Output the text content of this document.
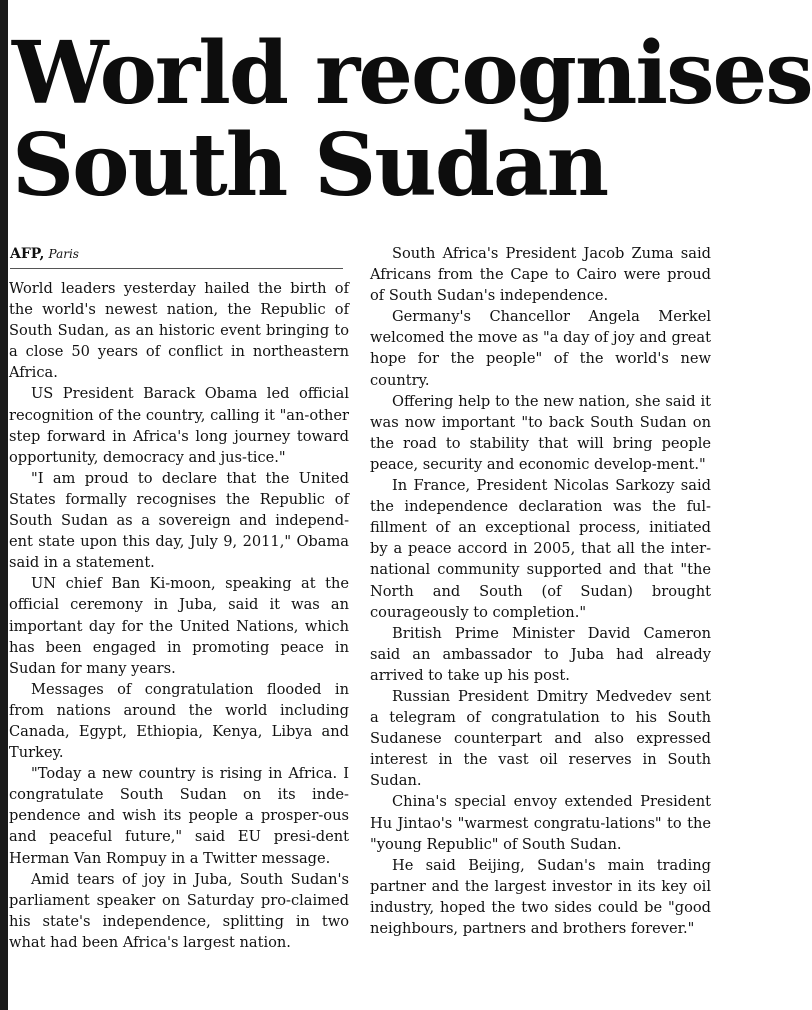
World recognises
South Sudan
AFP, Paris

World leaders yesterday hailed the birth of the world's newest nation, the Republic of South Sudan, as an historic event bringing to a close 50 years of conflict in northeastern Africa.

US President Barack Obama led official recognition of the country, calling it "an-other step forward in Africa's long journey toward opportunity, democracy and jus-tice."

"I am proud to declare that the United States formally recognises the Republic of South Sudan as a sovereign and independ-ent state upon this day, July 9, 2011," Obama said in a statement.

UN chief Ban Ki-moon, speaking at the official ceremony in Juba, said it was an important day for the United Nations, which has been engaged in promoting peace in Sudan for many years.

Messages of congratulation flooded in from nations around the world including Canada, Egypt, Ethiopia, Kenya, Libya and Turkey.

"Today a new country is rising in Africa. I congratulate South Sudan on its inde-pendence and wish its people a prosper-ous and peaceful future," said EU presi-dent Herman Van Rompuy in a Twitter message.

Amid tears of joy in Juba, South Sudan's parliament speaker on Saturday pro-claimed his state's independence, splitting in two what had been Africa's largest nation.

South Africa's President Jacob Zuma said Africans from the Cape to Cairo were proud of South Sudan's independence.

Germany's Chancellor Angela Merkel welcomed the move as "a day of joy and great hope for the people" of the world's new country.

Offering help to the new nation, she said it was now important "to back South Sudan on the road to stability that will bring people peace, security and economic develop-ment."

In France, President Nicolas Sarkozy said the independence declaration was the ful-fillment of an exceptional process, initiated by a peace accord in 2005, that all the inter-national community supported and that "the North and South (of Sudan) brought courageously to completion."

British Prime Minister David Cameron said an ambassador to Juba had already arrived to take up his post.

Russian President Dmitry Medvedev sent a telegram of congratulation to his South Sudanese counterpart and also expressed interest in the vast oil reserves in South Sudan.

China's special envoy extended President Hu Jintao's "warmest congratu-lations" to the "young Republic" of South Sudan.

He said Beijing, Sudan's main trading partner and the largest investor in its key oil industry, hoped the two sides could be "good neighbours, partners and brothers forever."
